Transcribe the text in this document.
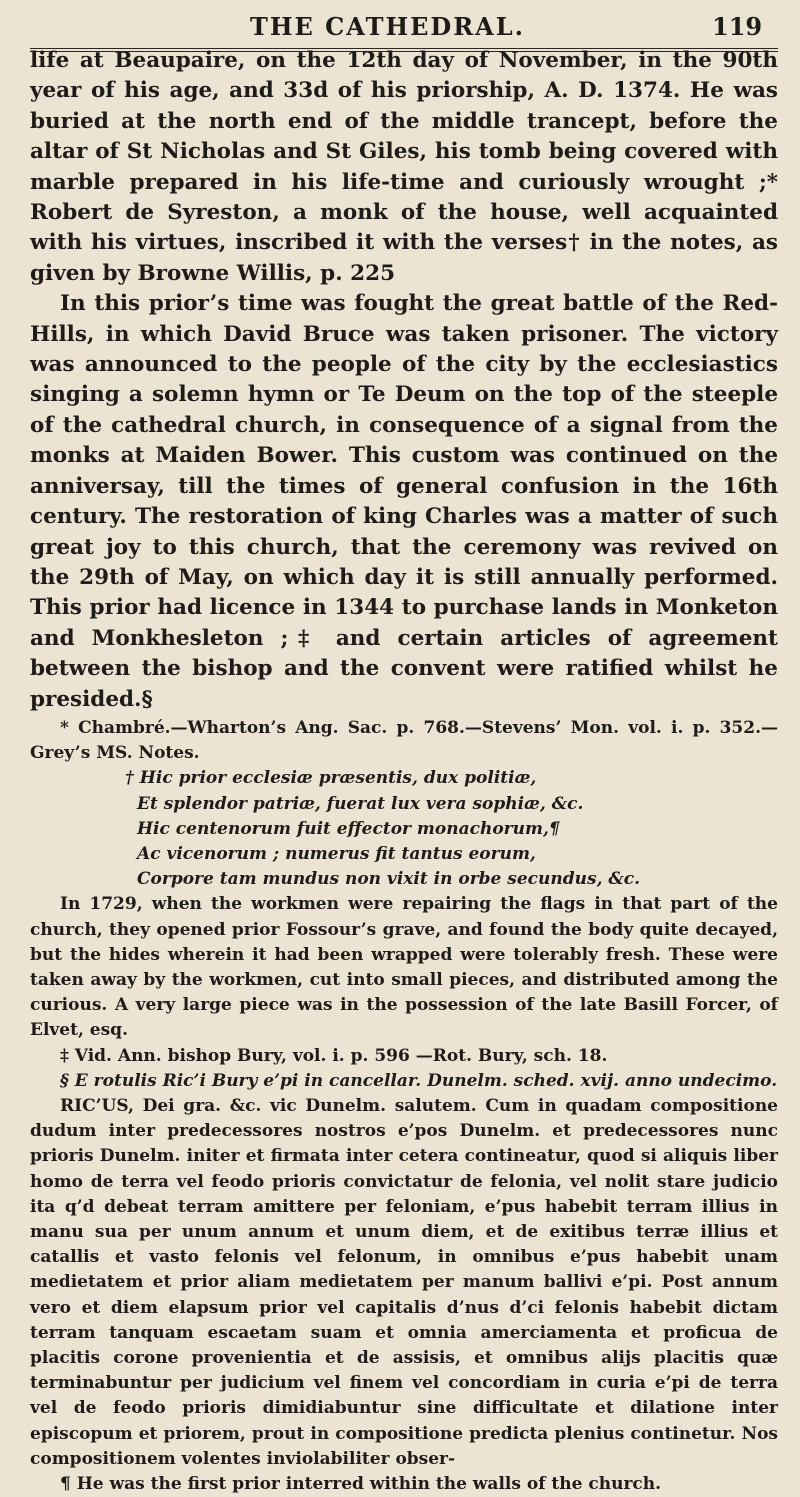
THE CATHEDRAL.	119

life at Beaupaire, on the 12th day of November, in the 90th year of his age, and 33d of his priorship, A. D. 1374. He was buried at the north end of the middle trancept, before the altar of St Nicholas and St Giles, his tomb being covered with marble prepared in his life-time and curiously wrought ;* Robert de Syreston, a monk of the house, well acquainted with his virtues, inscribed it with the verses† in the notes, as given by Browne Willis, p. 225

In this prior’s time was fought the great battle of the Red-Hills, in which David Bruce was taken prisoner. The victory was announced to the people of the city by the ecclesiastics singing a solemn hymn or Te Deum on the top of the steeple of the cathedral church, in consequence of a signal from the monks at Maiden Bower. This custom was continued on the anniversay, till the times of general confusion in the 16th century. The restoration of king Charles was a matter of such great joy to this church, that the ceremony was revived on the 29th of May, on which day it is still annually performed. This prior had licence in 1344 to purchase lands in Monketon and Monkhesleton ;‡ and certain articles of agreement between the bishop and the convent were ratified whilst he presided.§

* Chambré.—Wharton’s Ang. Sac. p. 768.—Stevens’ Mon. vol. i. p. 352.—Grey’s MS. Notes.

† Hic prior ecclesiæ præsentis, dux politiæ,
Et splendor patriæ, fuerat lux vera sophiæ, &c.
Hic centenorum fuit effector monachorum,¶
Ac vicenorum ; numerus fit tantus eorum,
Corpore tam mundus non vixit in orbe secundus, &c.

In 1729, when the workmen were repairing the flags in that part of the church, they opened prior Fossour’s grave, and found the body quite decayed, but the hides wherein it had been wrapped were tolerably fresh. These were taken away by the workmen, cut into small pieces, and distributed among the curious. A very large piece was in the possession of the late Basill Forcer, of Elvet, esq.

‡ Vid. Ann. bishop Bury, vol. i. p. 596 —Rot. Bury, sch. 18.

§ E rotulis Ric’i Bury e’pi in cancellar. Dunelm. sched. xvij. anno undecimo.

RIC’US, Dei gra. &c. vic Dunelm. salutem. Cum in quadam compositione dudum inter predecessores nostros e’pos Dunelm. et predecessores nunc prioris Dunelm. initer et firmata inter cetera contineatur, quod si aliquis liber homo de terra vel feodo prioris convictatur de felonia, vel nolit stare judicio ita q’d debeat terram amittere per feloniam, e’pus habebit terram illius in manu sua per unum annum et unum diem, et de exitibus terræ illius et catallis et vasto felonis vel felonum, in omnibus e’pus habebit unam medietatem et prior aliam medietatem per manum ballivi e’pi. Post annum vero et diem elapsum prior vel capitalis d’nus d’ci felonis habebit dictam terram tanquam escaetam suam et omnia amerciamenta et proficua de placitis corone provenientia et de assisis, et omnibus alijs placitis quæ terminabuntur per judicium vel finem vel concordiam in curia e’pi de terra vel de feodo prioris dimidiabuntur sine difficultate et dilatione inter episcopum et priorem, prout in compositione predicta plenius continetur. Nos compositionem volentes inviolabiliter obser-

¶ He was the first prior interred within the walls of the church.
